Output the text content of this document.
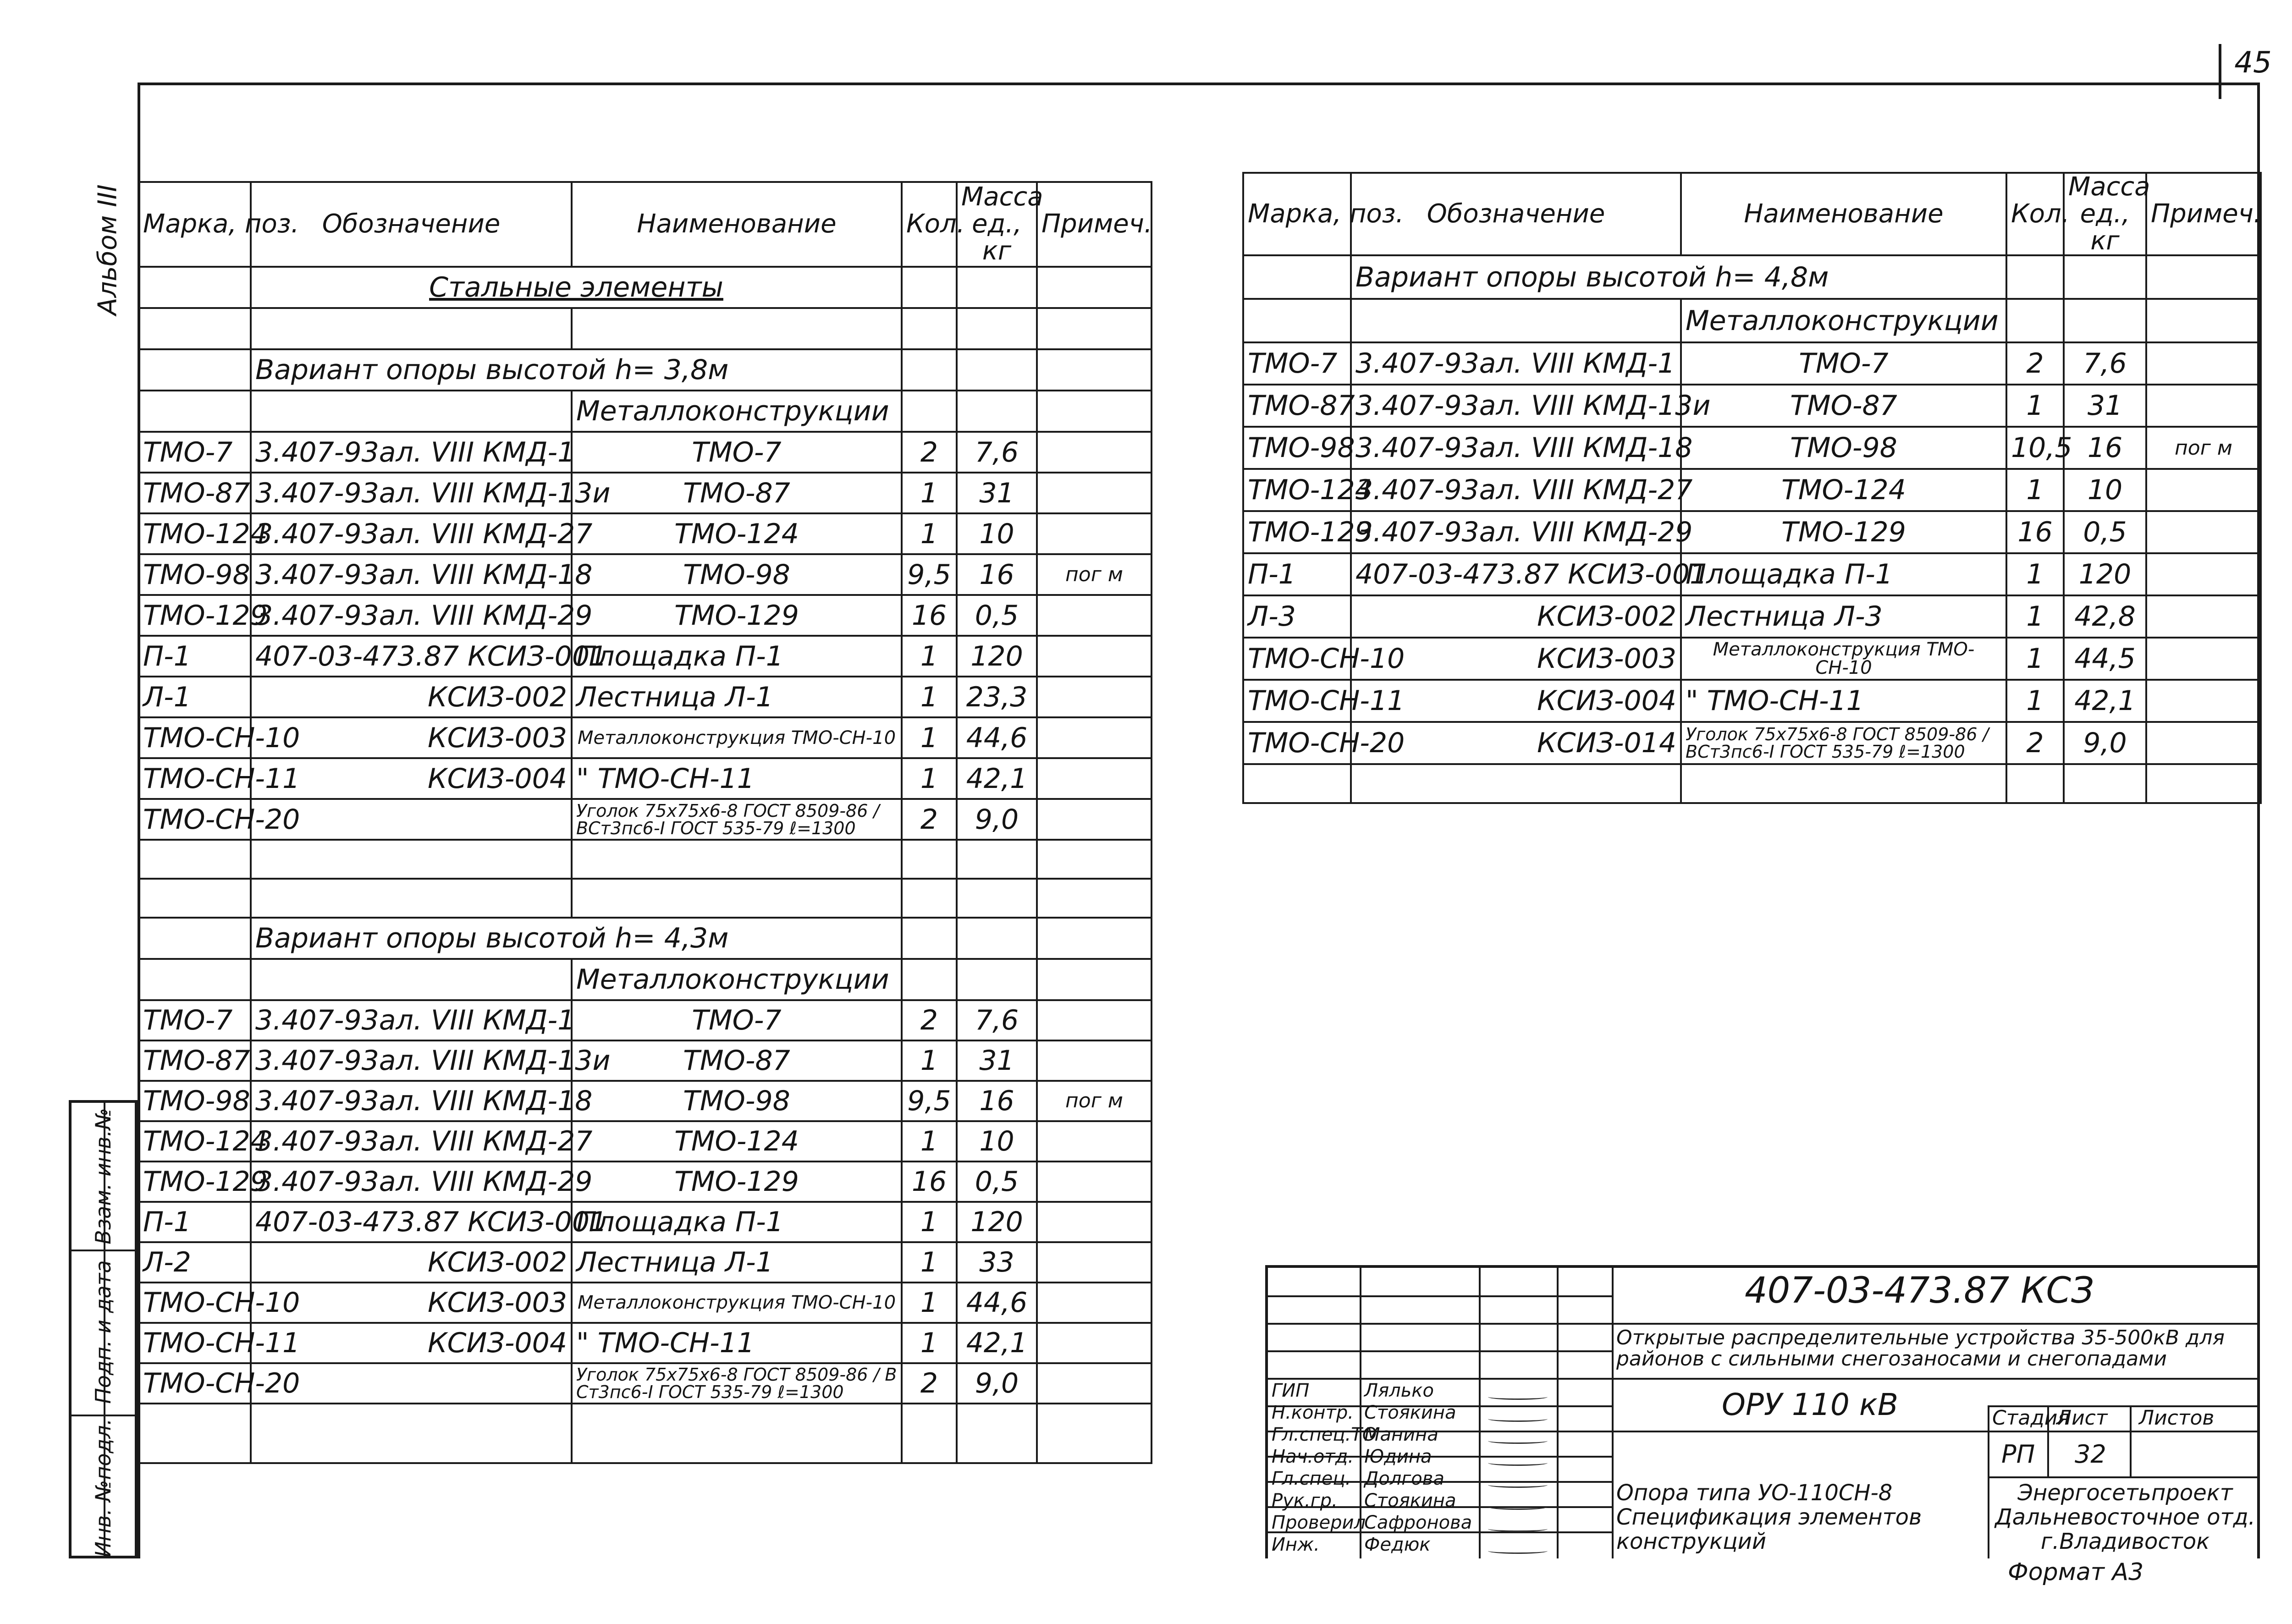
45
Альбом III Марка, поз.	Обозначение	Наименование	Кол.	Масса ед., кг	Примеч.
	Стальные элементы				

	Вариант опоры высотой h= 3,8м				
		Металлоконструкции			
ТМО-7	3.407-93ал. VIII КМД-1	ТМО-7	2	7,6	
ТМО-87	3.407-93ал. VIII КМД-13и	ТМО-87	1	31	
ТМО-124	3.407-93ал. VIII КМД-27	ТМО-124	1	10	
ТМО-98	3.407-93ал. VIII КМД-18	ТМО-98	9,5	16	пог м
ТМО-129	3.407-93ал. VIII КМД-29	ТМО-129	16	0,5	
П-1	407-03-473.87 КСИЗ-001	Площадка П-1	1	120	
Л-1	КСИЗ-002	Лестница Л-1	1	23,3	
ТМО-СН-10	КСИЗ-003	Металлоконструкция ТМО-СН-10	1	44,6	
ТМО-СН-11	КСИЗ-004	" ТМО-СН-11	1	42,1	
ТМО-СН-20		Уголок 75х75х6-8 ГОСТ 8509-86 / ВСт3пс6-I ГОСТ 535-79 ℓ=1300	2	9,0	

	Вариант опоры высотой h= 4,3м				
		Металлоконструкции			
ТМО-7	3.407-93ал. VIII КМД-1	ТМО-7	2	7,6	
ТМО-87	3.407-93ал. VIII КМД-13и	ТМО-87	1	31	
ТМО-98	3.407-93ал. VIII КМД-18	ТМО-98	9,5	16	пог м
ТМО-124	3.407-93ал. VIII КМД-27	ТМО-124	1	10	
ТМО-129	3.407-93ал. VIII КМД-29	ТМО-129	16	0,5	
П-1	407-03-473.87 КСИЗ-001	Площадка П-1	1	120	
Л-2	КСИЗ-002	Лестница Л-1	1	33	
ТМО-СН-10	КСИЗ-003	Металлоконструкция ТМО-СН-10	1	44,6	
ТМО-СН-11	КСИЗ-004	" ТМО-СН-11	1	42,1	
ТМО-СН-20		Уголок 75х75х6-8 ГОСТ 8509-86 / В Ст3пс6-I ГОСТ 535-79 ℓ=1300	2	9,0	

Марка, поз.	Обозначение	Наименование	Кол.	Масса ед., кг	Примеч.
	Вариант опоры высотой h= 4,8м				
		Металлоконструкции			
ТМО-7	3.407-93ал. VIII КМД-1	ТМО-7	2	7,6	
ТМО-87	3.407-93ал. VIII КМД-13и	ТМО-87	1	31	
ТМО-98	3.407-93ал. VIII КМД-18	ТМО-98	10,5	16	пог м
ТМО-124	3.407-93ал. VIII КМД-27	ТМО-124	1	10	
ТМО-129	3.407-93ал. VIII КМД-29	ТМО-129	16	0,5	
П-1	407-03-473.87 КСИЗ-001	Площадка П-1	1	120	
Л-3	КСИЗ-002	Лестница Л-3	1	42,8	
ТМО-СН-10	КСИЗ-003	Металлоконструкция ТМО-СН-10	1	44,5	
ТМО-СН-11	КСИЗ-004	" ТМО-СН-11	1	42,1	
ТМО-СН-20	КСИЗ-014	Уголок 75х75х6-8 ГОСТ 8509-86 / ВСт3пс6-I ГОСТ 535-79 ℓ=1300	2	9,0	

Взам. инв.№
Подп. и дата
Инв. №подл.
407-03-473.87 КСЗ
Открытые распределительные устройства 35-500кВ для районов с сильными снегозаносами и снегопадами
ОРУ 110 кВ	Стадия
Лист Листов
РП 32
Опора типа УО-110СН-8 Спецификация элементов конструкций
Энергосетьпроект Дальневосточное отд. г.Владивосток
ГИП	Лялько
Н.контр. Стоякина
Гл.спец.ТО
Манина
Нач.отд. Юдина
Гл.спец. Долгова
Рук.гр. Стоякина
Проверил
Сафронова
Инж. Федюк
Формат А3
